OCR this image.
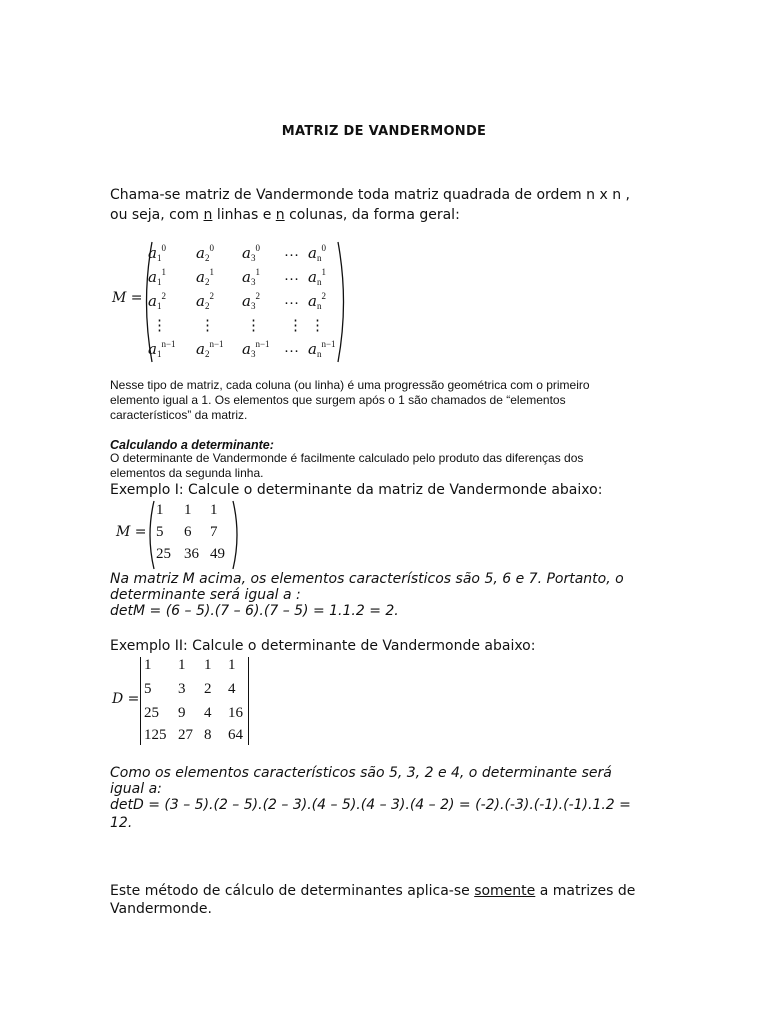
MATRIZ DE VANDERMONDE
Chama-se matriz de Vandermonde toda matriz quadrada de ordem n x n ,
ou seja, com n linhas e n colunas, da forma geral:
M =
$a_1^0$ $a_2^0$ $a_3^0$ … $a_n^0$
$a_1^1$ $a_2^1$ $a_3^1$ … $a_n^1$
$a_1^2$ $a_2^2$ $a_3^2$ … $a_n^2$
⋮ ⋮ ⋮ ⋮ ⋮
$a_1^{n-1}$ $a_2^{n-1}$ $a_3^{n-1}$ … $a_n^{n-1}$
Nesse tipo de matriz, cada coluna (ou linha) é uma progressão geométrica com o primeiro
elemento igual a 1. Os elementos que surgem após o 1 são chamados de “elementos
característicos” da matriz.
Calculando a determinante:
O determinante de Vandermonde é facilmente calculado pelo produto das diferenças dos
elementos da segunda linha.
Exemplo I: Calcule o determinante da matriz de Vandermonde abaixo:
M =
1 1 1
5 6 7
25 36 49
Na matriz M acima, os elementos característicos são 5, 6 e 7. Portanto, o
determinante será igual a :
detM = (6 – 5).(7 – 6).(7 – 5) = 1.1.2 = 2.
Exemplo II: Calcule o determinante de Vandermonde abaixo:
D =
1 1 1 1
5 3 2 4
25 9 4 16
125 27 8 64
Como os elementos característicos são 5, 3, 2 e 4, o determinante será
igual a:
detD = (3 – 5).(2 – 5).(2 – 3).(4 – 5).(4 – 3).(4 – 2) = (-2).(-3).(-1).(-1).1.2 =
12.
Este método de cálculo de determinantes aplica-se somente a matrizes de
Vandermonde.
